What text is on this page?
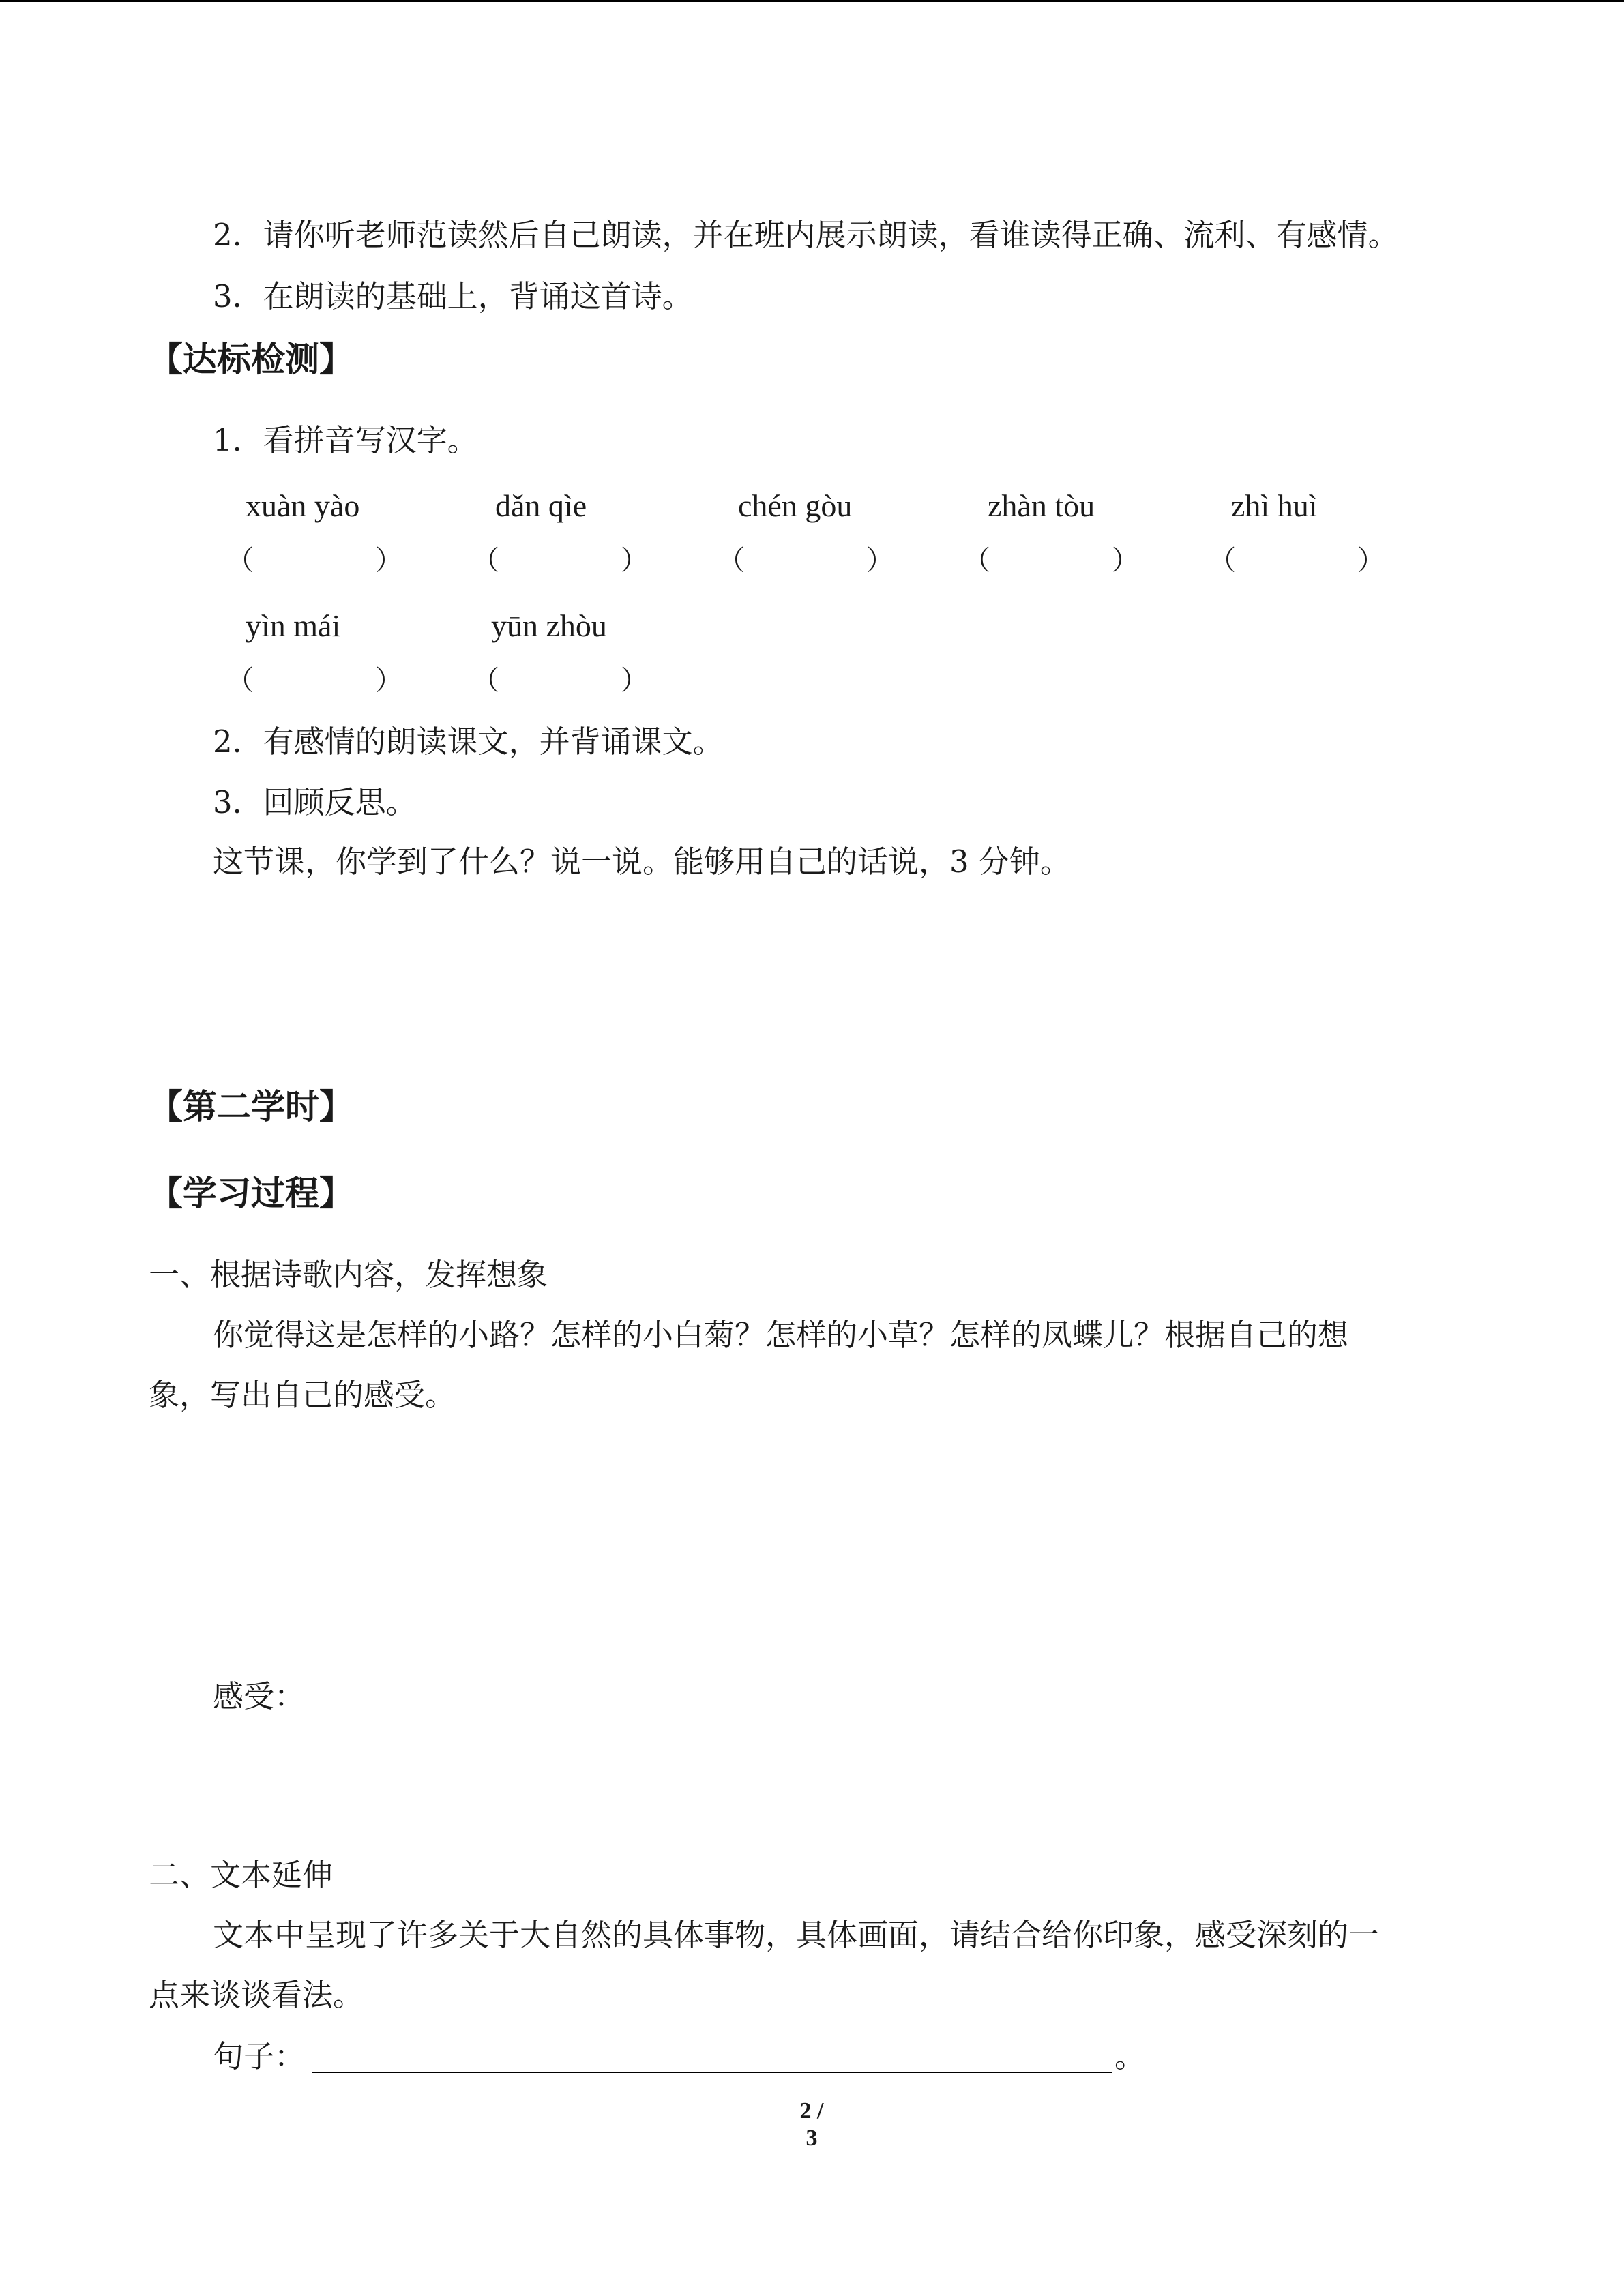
2．请你听老师范读然后自己朗读，并在班内展示朗读，看谁读得正确、流利、有感情。
3．在朗读的基础上，背诵这首诗。
【达标检测】
1．看拼音写汉字。
xuàn yào	dǎn qìe	chén gòu	zhàn tòu	zhì huì
（	）	（	）	（	）	（	）	（	）
yìn mái	yūn zhòu
（	）	（	）
2．有感情的朗读课文，并背诵课文。
3．回顾反思。
这节课，你学到了什么？说一说。能够用自己的话说，3 分钟。
【第二学时】
【学习过程】
一、根据诗歌内容，发挥想象
你觉得这是怎样的小路？怎样的小白菊？怎样的小草？怎样的凤蝶儿？根据自己的想
象，写出自己的感受。
感受：
二、文本延伸
文本中呈现了许多关于大自然的具体事物，具体画面，请结合给你印象，感受深刻的一
点来谈谈看法。
句子：	。
2 / 3
